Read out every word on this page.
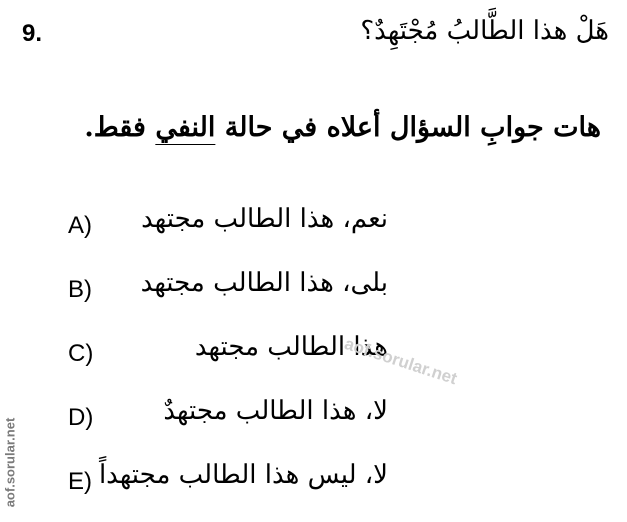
9.	هَلْ هذا الطَّالبُ مُجْتَهِدٌ؟
هات جوابِ السؤال أعلاه في حالة النفي فقط.
A) نعم، هذا الطالب مجتهد
B) بلى، هذا الطالب مجتهد
C)	هذا الطالب مجتهد
D)	لا، هذا الطالب مجتهدٌ
E) لا، ليس هذا الطالب مجتهداً
aof.sorular.net
aof.sorular.net
